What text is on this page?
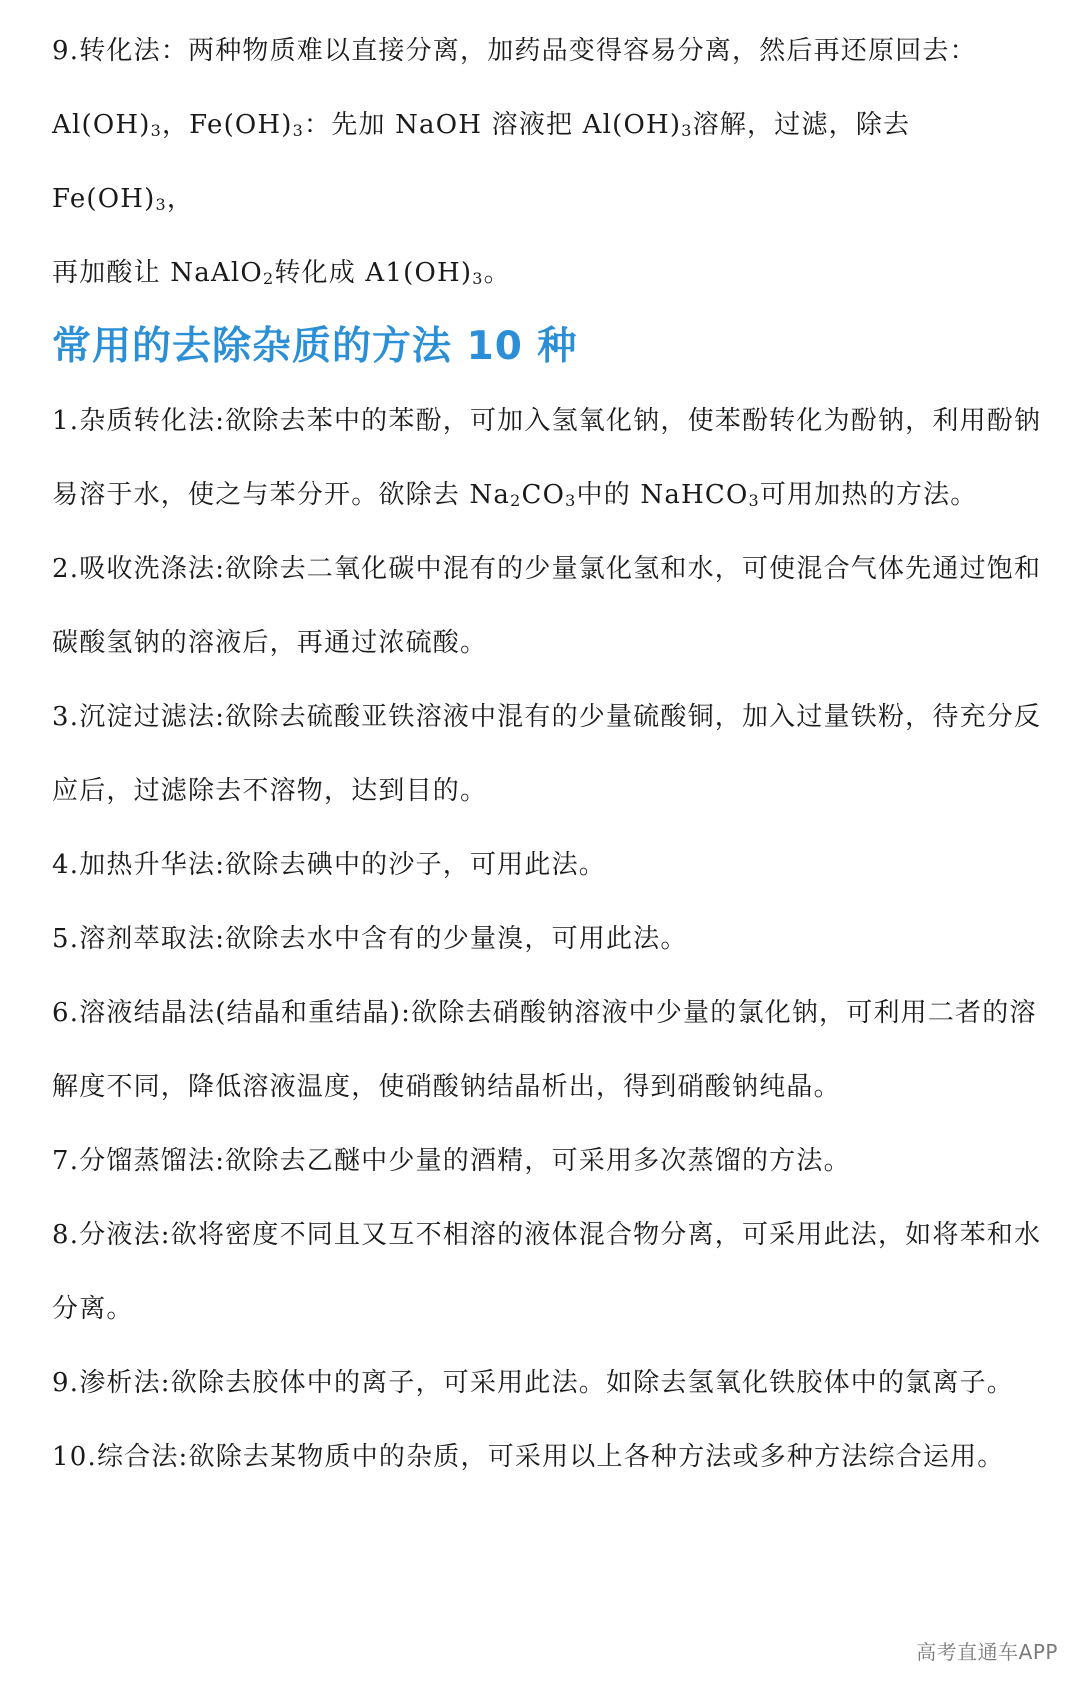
9.转化法：两种物质难以直接分离，加药品变得容易分离，然后再还原回去：
$Al(OH)_3$，$Fe(OH)_3$：先加 NaOH 溶液把 $Al(OH)_3$溶解，过滤，除去 $Fe(OH)_3$，
再加酸让 NaAlO$_2$转化成 $A1(OH)_3$。

常用的去除杂质的方法 10 种

1.杂质转化法:欲除去苯中的苯酚，可加入氢氧化钠，使苯酚转化为酚钠，利用酚钠易溶于水，使之与苯分开。欲除去 $Na_2CO_3$中的 NaHCO$_3$可用加热的方法。

2.吸收洗涤法:欲除去二氧化碳中混有的少量氯化氢和水，可使混合气体先通过饱和碳酸氢钠的溶液后，再通过浓硫酸。

3.沉淀过滤法:欲除去硫酸亚铁溶液中混有的少量硫酸铜，加入过量铁粉，待充分反应后，过滤除去不溶物，达到目的。

4.加热升华法:欲除去碘中的沙子，可用此法。

5.溶剂萃取法:欲除去水中含有的少量溴，可用此法。

6.溶液结晶法(结晶和重结晶):欲除去硝酸钠溶液中少量的氯化钠，可利用二者的溶解度不同，降低溶液温度，使硝酸钠结晶析出，得到硝酸钠纯晶。

7.分馏蒸馏法:欲除去乙醚中少量的酒精，可采用多次蒸馏的方法。

8.分液法:欲将密度不同且又互不相溶的液体混合物分离，可采用此法，如将苯和水分离。

9.渗析法:欲除去胶体中的离子，可采用此法。如除去氢氧化铁胶体中的氯离子。

10.综合法:欲除去某物质中的杂质，可采用以上各种方法或多种方法综合运用。

高考直通车APP
